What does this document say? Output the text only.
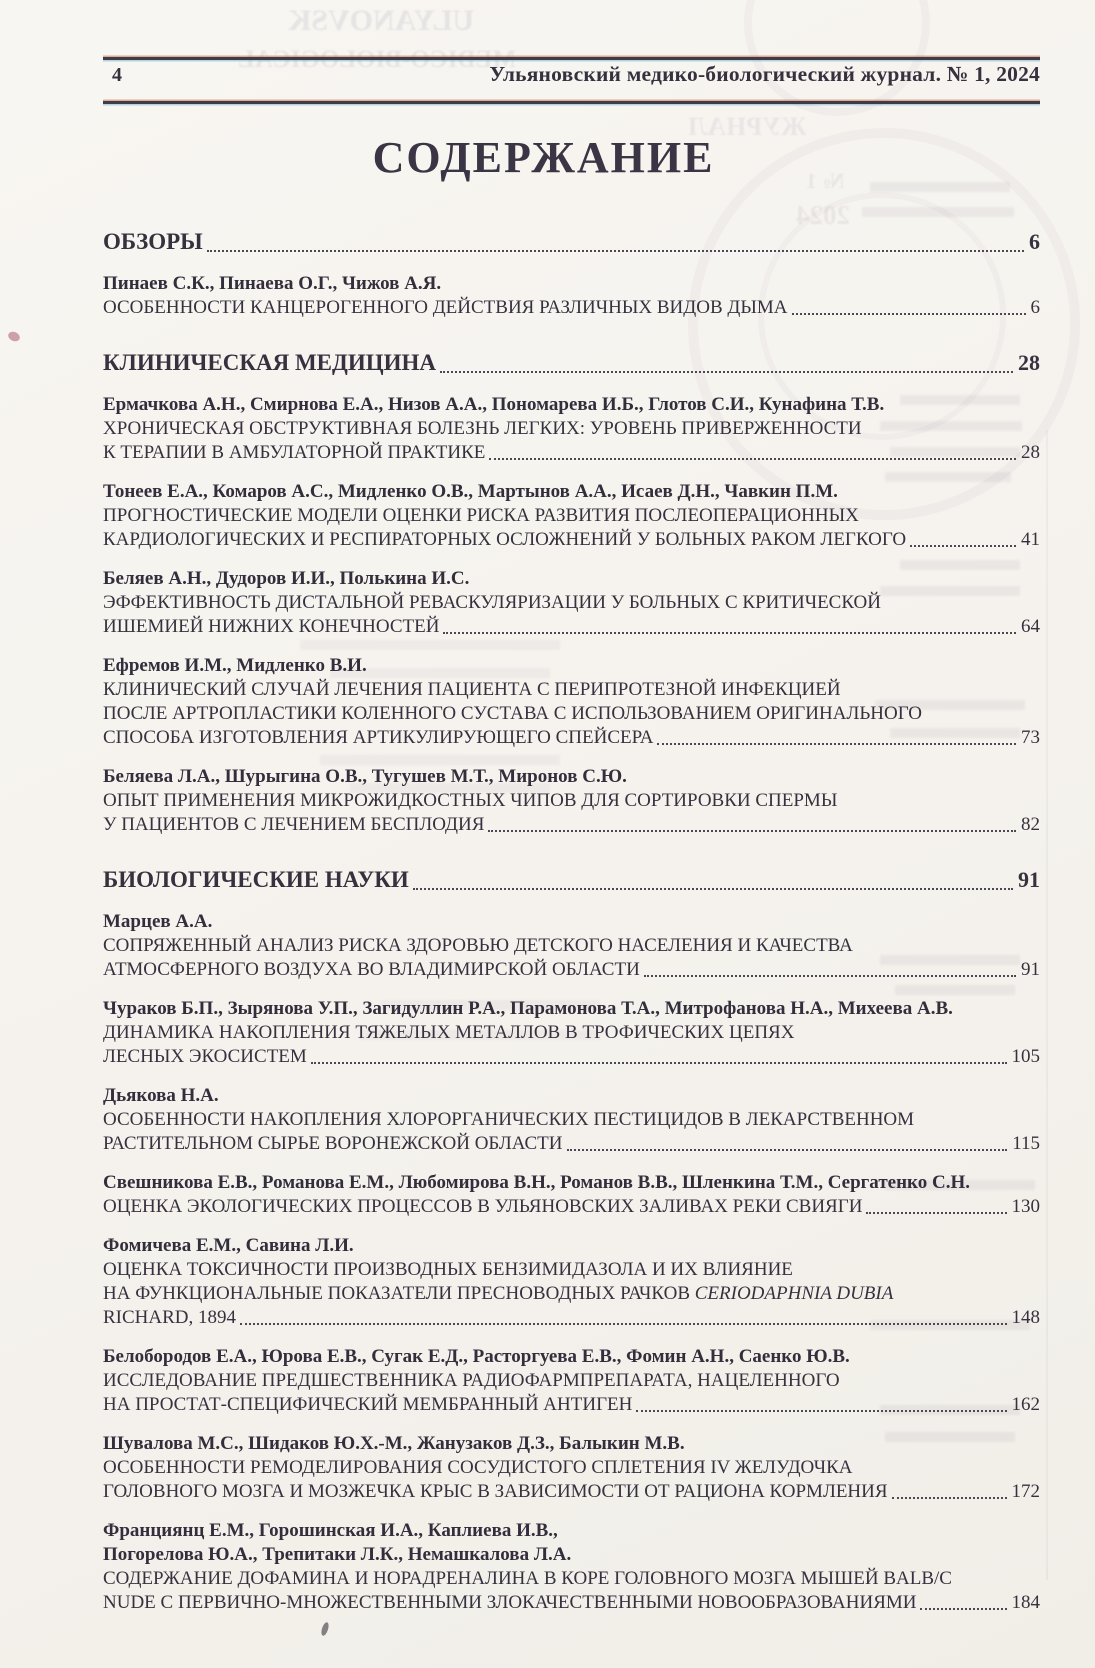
ULYANOVSK
ЖУРНАЛ
№ 1
2024
4	Ульяновский медико-биологический журнал. № 1, 2024
СОДЕРЖАНИЕ
ОБЗОРЫ	6
Пинаев С.К., Пинаева О.Г., Чижов А.Я.
ОСОБЕННОСТИ КАНЦЕРОГЕННОГО ДЕЙСТВИЯ РАЗЛИЧНЫХ ВИДОВ ДЫМА	6
КЛИНИЧЕСКАЯ МЕДИЦИНА	28
Ермачкова А.Н., Смирнова Е.А., Низов А.А., Пономарева И.Б., Глотов С.И., Кунафина Т.В.
ХРОНИЧЕСКАЯ ОБСТРУКТИВНАЯ БОЛЕЗНЬ ЛЕГКИХ: УРОВЕНЬ ПРИВЕРЖЕННОСТИ
К ТЕРАПИИ В АМБУЛАТОРНОЙ ПРАКТИКЕ	28
Тонеев Е.А., Комаров А.С., Мидленко О.В., Мартынов А.А., Исаев Д.Н., Чавкин П.М.
ПРОГНОСТИЧЕСКИЕ МОДЕЛИ ОЦЕНКИ РИСКА РАЗВИТИЯ ПОСЛЕОПЕРАЦИОННЫХ
КАРДИОЛОГИЧЕСКИХ И РЕСПИРАТОРНЫХ ОСЛОЖНЕНИЙ У БОЛЬНЫХ РАКОМ ЛЕГКОГО	41
Беляев А.Н., Дудоров И.И., Полькина И.С.
ЭФФЕКТИВНОСТЬ ДИСТАЛЬНОЙ РЕВАСКУЛЯРИЗАЦИИ У БОЛЬНЫХ С КРИТИЧЕСКОЙ
ИШЕМИЕЙ НИЖНИХ КОНЕЧНОСТЕЙ	64
Ефремов И.М., Мидленко В.И.
КЛИНИЧЕСКИЙ СЛУЧАЙ ЛЕЧЕНИЯ ПАЦИЕНТА С ПЕРИПРОТЕЗНОЙ ИНФЕКЦИЕЙ
ПОСЛЕ АРТРОПЛАСТИКИ КОЛЕННОГО СУСТАВА С ИСПОЛЬЗОВАНИЕМ ОРИГИНАЛЬНОГО
СПОСОБА ИЗГОТОВЛЕНИЯ АРТИКУЛИРУЮЩЕГО СПЕЙСЕРА	73
Беляева Л.А., Шурыгина О.В., Тугушев М.Т., Миронов С.Ю.
ОПЫТ ПРИМЕНЕНИЯ МИКРОЖИДКОСТНЫХ ЧИПОВ ДЛЯ СОРТИРОВКИ СПЕРМЫ
У ПАЦИЕНТОВ С ЛЕЧЕНИЕМ БЕСПЛОДИЯ	82
БИОЛОГИЧЕСКИЕ НАУКИ	91
Марцев А.А.
СОПРЯЖЕННЫЙ АНАЛИЗ РИСКА ЗДОРОВЬЮ ДЕТСКОГО НАСЕЛЕНИЯ И КАЧЕСТВА
АТМОСФЕРНОГО ВОЗДУХА ВО ВЛАДИМИРСКОЙ ОБЛАСТИ	91
Чураков Б.П., Зырянова У.П., Загидуллин Р.А., Парамонова Т.А., Митрофанова Н.А., Михеева А.В.
ДИНАМИКА НАКОПЛЕНИЯ ТЯЖЕЛЫХ МЕТАЛЛОВ В ТРОФИЧЕСКИХ ЦЕПЯХ
ЛЕСНЫХ ЭКОСИСТЕМ	105
Дьякова Н.А.
ОСОБЕННОСТИ НАКОПЛЕНИЯ ХЛОРОРГАНИЧЕСКИХ ПЕСТИЦИДОВ В ЛЕКАРСТВЕННОМ
РАСТИТЕЛЬНОМ СЫРЬЕ ВОРОНЕЖСКОЙ ОБЛАСТИ	115
Свешникова Е.В., Романова Е.М., Любомирова В.Н., Романов В.В., Шленкина Т.М., Сергатенко С.Н.
ОЦЕНКА ЭКОЛОГИЧЕСКИХ ПРОЦЕССОВ В УЛЬЯНОВСКИХ ЗАЛИВАХ РЕКИ СВИЯГИ	130
Фомичева Е.М., Савина Л.И.
ОЦЕНКА ТОКСИЧНОСТИ ПРОИЗВОДНЫХ БЕНЗИМИДАЗОЛА И ИХ ВЛИЯНИЕ
НА ФУНКЦИОНАЛЬНЫЕ ПОКАЗАТЕЛИ ПРЕСНОВОДНЫХ РАЧКОВ CERIODAPHNIA DUBIA
RICHARD, 1894	148
Белобородов Е.А., Юрова Е.В., Сугак Е.Д., Расторгуева Е.В., Фомин А.Н., Саенко Ю.В.
ИССЛЕДОВАНИЕ ПРЕДШЕСТВЕННИКА РАДИОФАРМПРЕПАРАТА, НАЦЕЛЕННОГО
НА ПРОСТАТ-СПЕЦИФИЧЕСКИЙ МЕМБРАННЫЙ АНТИГЕН	162
Шувалова М.С., Шидаков Ю.Х.-М., Жанузаков Д.З., Балыкин М.В.
ОСОБЕННОСТИ РЕМОДЕЛИРОВАНИЯ СОСУДИСТОГО СПЛЕТЕНИЯ IV ЖЕЛУДОЧКА
ГОЛОВНОГО МОЗГА И МОЗЖЕЧКА КРЫС В ЗАВИСИМОСТИ ОТ РАЦИОНА КОРМЛЕНИЯ	172
Франциянц Е.М., Горошинская И.А., Каплиева И.В.,
Погорелова Ю.А., Трепитаки Л.К., Немашкалова Л.А.
СОДЕРЖАНИЕ ДОФАМИНА И НОРАДРЕНАЛИНА В КОРЕ ГОЛОВНОГО МОЗГА МЫШЕЙ BALB/C
NUDE С ПЕРВИЧНО-МНОЖЕСТВЕННЫМИ ЗЛОКАЧЕСТВЕННЫМИ НОВООБРАЗОВАНИЯМИ	184
